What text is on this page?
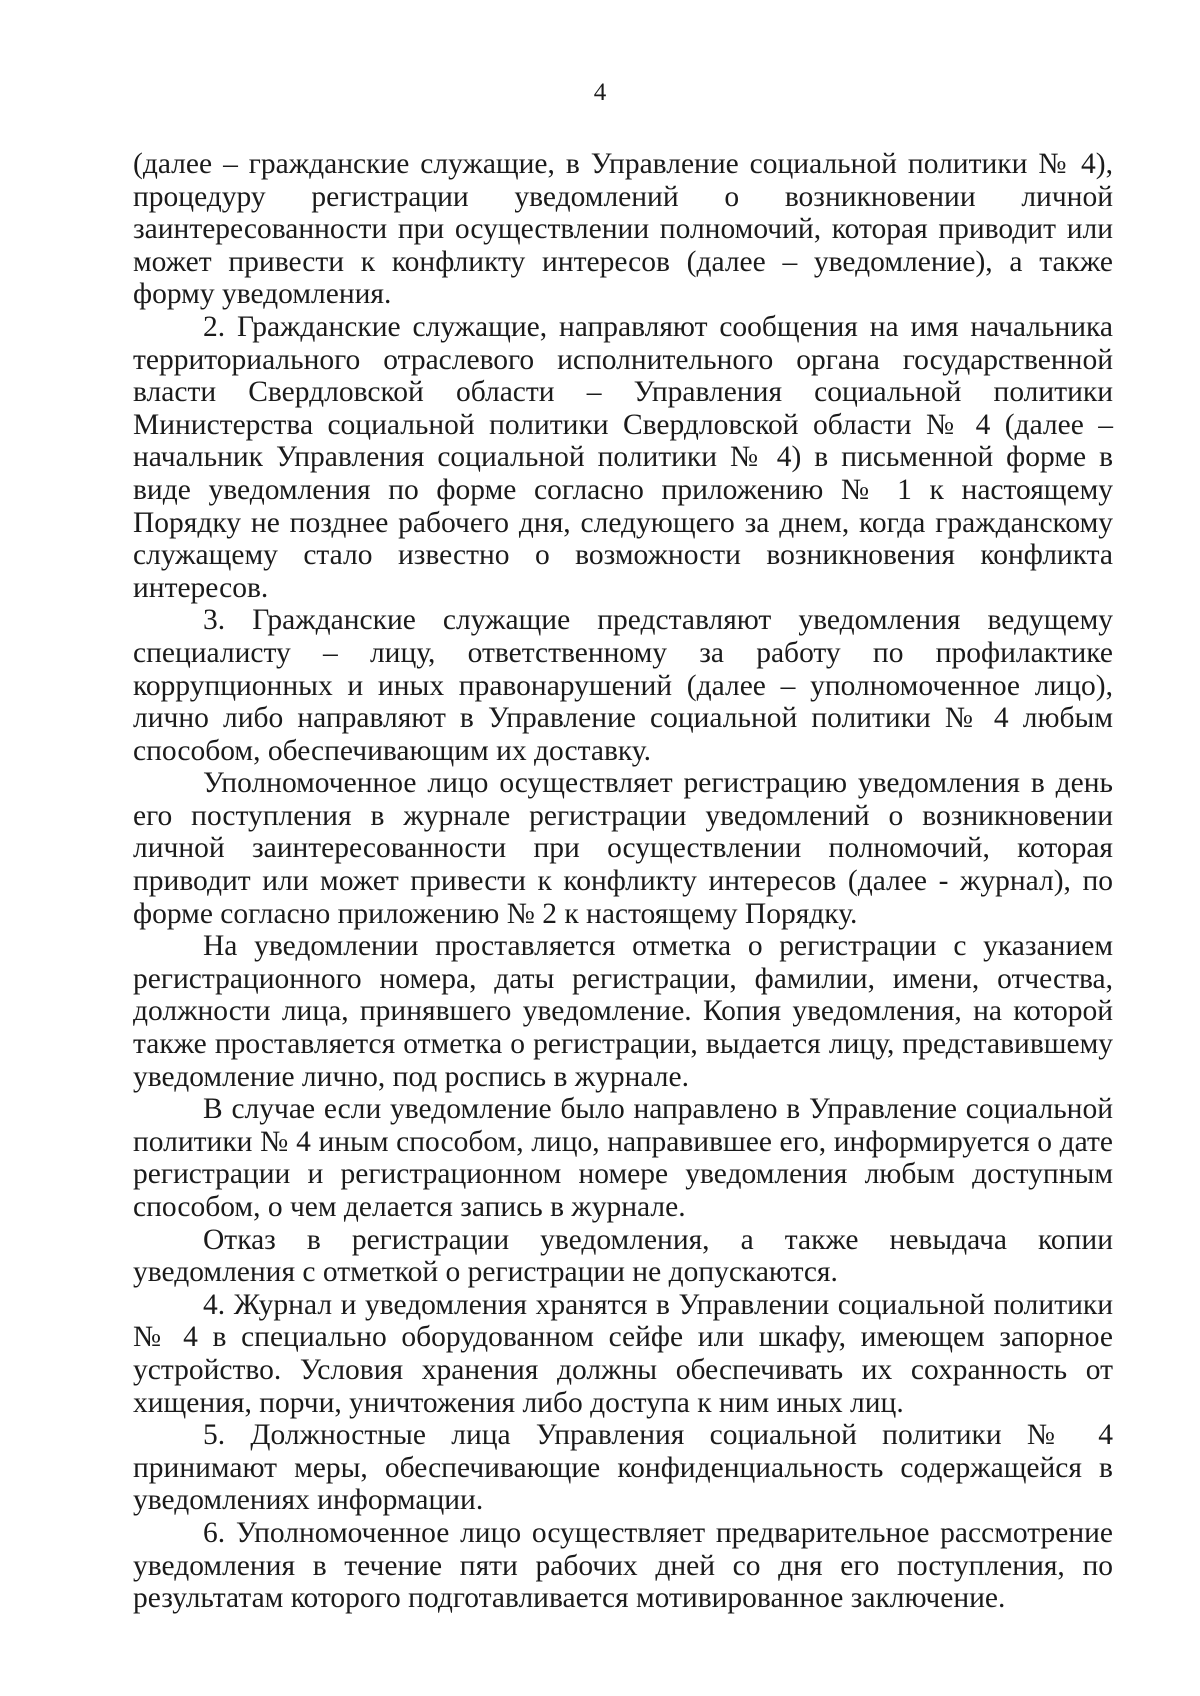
4

(далее – гражданские служащие, в Управление социальной политики № 4), процедуру регистрации уведомлений о возникновении личной заинтересованности при осуществлении полномочий, которая приводит или может привести к конфликту интересов (далее – уведомление), а также форму уведомления.

2. Гражданские служащие, направляют сообщения на имя начальника территориального отраслевого исполнительного органа государственной власти Свердловской области – Управления социальной политики Министерства социальной политики Свердловской области № 4 (далее – начальник Управления социальной политики № 4) в письменной форме в виде уведомления по форме согласно приложению № 1 к настоящему Порядку не позднее рабочего дня, следующего за днем, когда гражданскому служащему стало известно о возможности возникновения конфликта интересов.

3. Гражданские служащие представляют уведомления ведущему специалисту – лицу, ответственному за работу по профилактике коррупционных и иных правонарушений (далее – уполномоченное лицо), лично либо направляют в Управление социальной политики № 4 любым способом, обеспечивающим их доставку.

Уполномоченное лицо осуществляет регистрацию уведомления в день его поступления в журнале регистрации уведомлений о возникновении личной заинтересованности при осуществлении полномочий, которая приводит или может привести к конфликту интересов (далее - журнал), по форме согласно приложению № 2 к настоящему Порядку.

На уведомлении проставляется отметка о регистрации с указанием регистрационного номера, даты регистрации, фамилии, имени, отчества, должности лица, принявшего уведомление. Копия уведомления, на которой также проставляется отметка о регистрации, выдается лицу, представившему уведомление лично, под роспись в журнале.

В случае если уведомление было направлено в Управление социальной политики № 4 иным способом, лицо, направившее его, информируется о дате регистрации и регистрационном номере уведомления любым доступным способом, о чем делается запись в журнале.

Отказ в регистрации уведомления, а также невыдача копии уведомления с отметкой о регистрации не допускаются.

4. Журнал и уведомления хранятся в Управлении социальной политики № 4 в специально оборудованном сейфе или шкафу, имеющем запорное устройство. Условия хранения должны обеспечивать их сохранность от хищения, порчи, уничтожения либо доступа к ним иных лиц.

5. Должностные лица Управления социальной политики № 4 принимают меры, обеспечивающие конфиденциальность содержащейся в уведомлениях информации.

6. Уполномоченное лицо осуществляет предварительное рассмотрение уведомления в течение пяти рабочих дней со дня его поступления, по результатам которого подготавливается мотивированное заключение.
